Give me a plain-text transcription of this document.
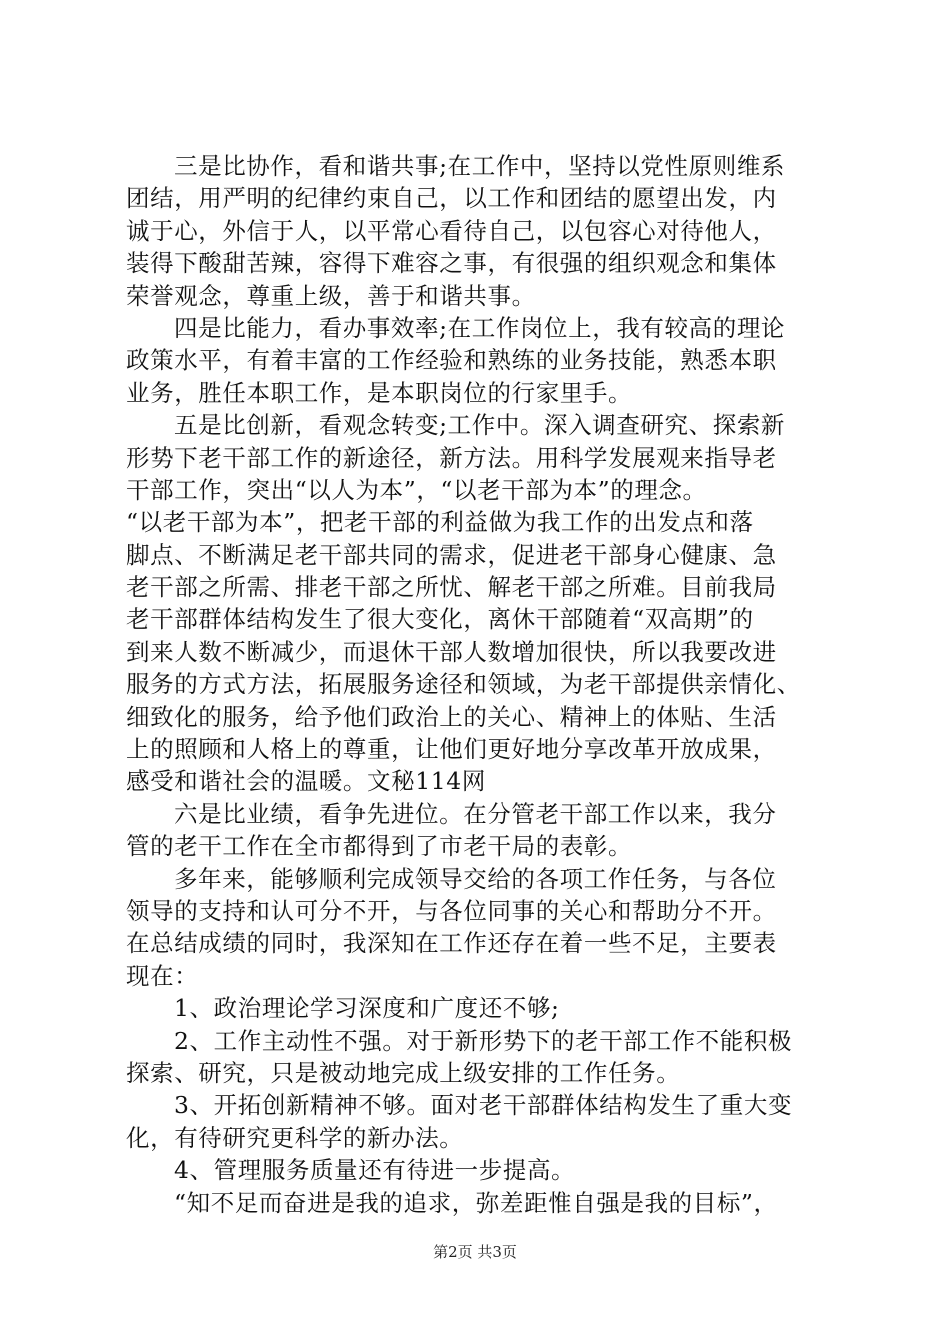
三是比协作，看和谐共事;在工作中，坚持以党性原则维系
团结，用严明的纪律约束自己，以工作和团结的愿望出发，内
诚于心，外信于人，以平常心看待自己，以包容心对待他人，
装得下酸甜苦辣，容得下难容之事，有很强的组织观念和集体
荣誉观念，尊重上级，善于和谐共事。
四是比能力，看办事效率;在工作岗位上，我有较高的理论
政策水平，有着丰富的工作经验和熟练的业务技能，熟悉本职
业务，胜任本职工作，是本职岗位的行家里手。
五是比创新，看观念转变;工作中。深入调查研究、探索新
形势下老干部工作的新途径，新方法。用科学发展观来指导老
干部工作，突出“以人为本”，“以老干部为本”的理念。
“以老干部为本”，把老干部的利益做为我工作的出发点和落
脚点、不断满足老干部共同的需求，促进老干部身心健康、急
老干部之所需、排老干部之所忧、解老干部之所难。目前我局
老干部群体结构发生了很大变化，离休干部随着“双高期”的
到来人数不断减少，而退休干部人数增加很快，所以我要改进
服务的方式方法，拓展服务途径和领域，为老干部提供亲情化、
细致化的服务，给予他们政治上的关心、精神上的体贴、生活
上的照顾和人格上的尊重，让他们更好地分享改革开放成果，
感受和谐社会的温暖。文秘114网
六是比业绩，看争先进位。在分管老干部工作以来，我分
管的老干工作在全市都得到了市老干局的表彰。
多年来，能够顺利完成领导交给的各项工作任务，与各位
领导的支持和认可分不开，与各位同事的关心和帮助分不开。
在总结成绩的同时，我深知在工作还存在着一些不足，主要表
现在：
1、政治理论学习深度和广度还不够;
2、工作主动性不强。对于新形势下的老干部工作不能积极
探索、研究，只是被动地完成上级安排的工作任务。
3、开拓创新精神不够。面对老干部群体结构发生了重大变
化，有待研究更科学的新办法。
4、管理服务质量还有待进一步提高。
“知不足而奋进是我的追求，弥差距惟自强是我的目标”，
第2页 共3页
